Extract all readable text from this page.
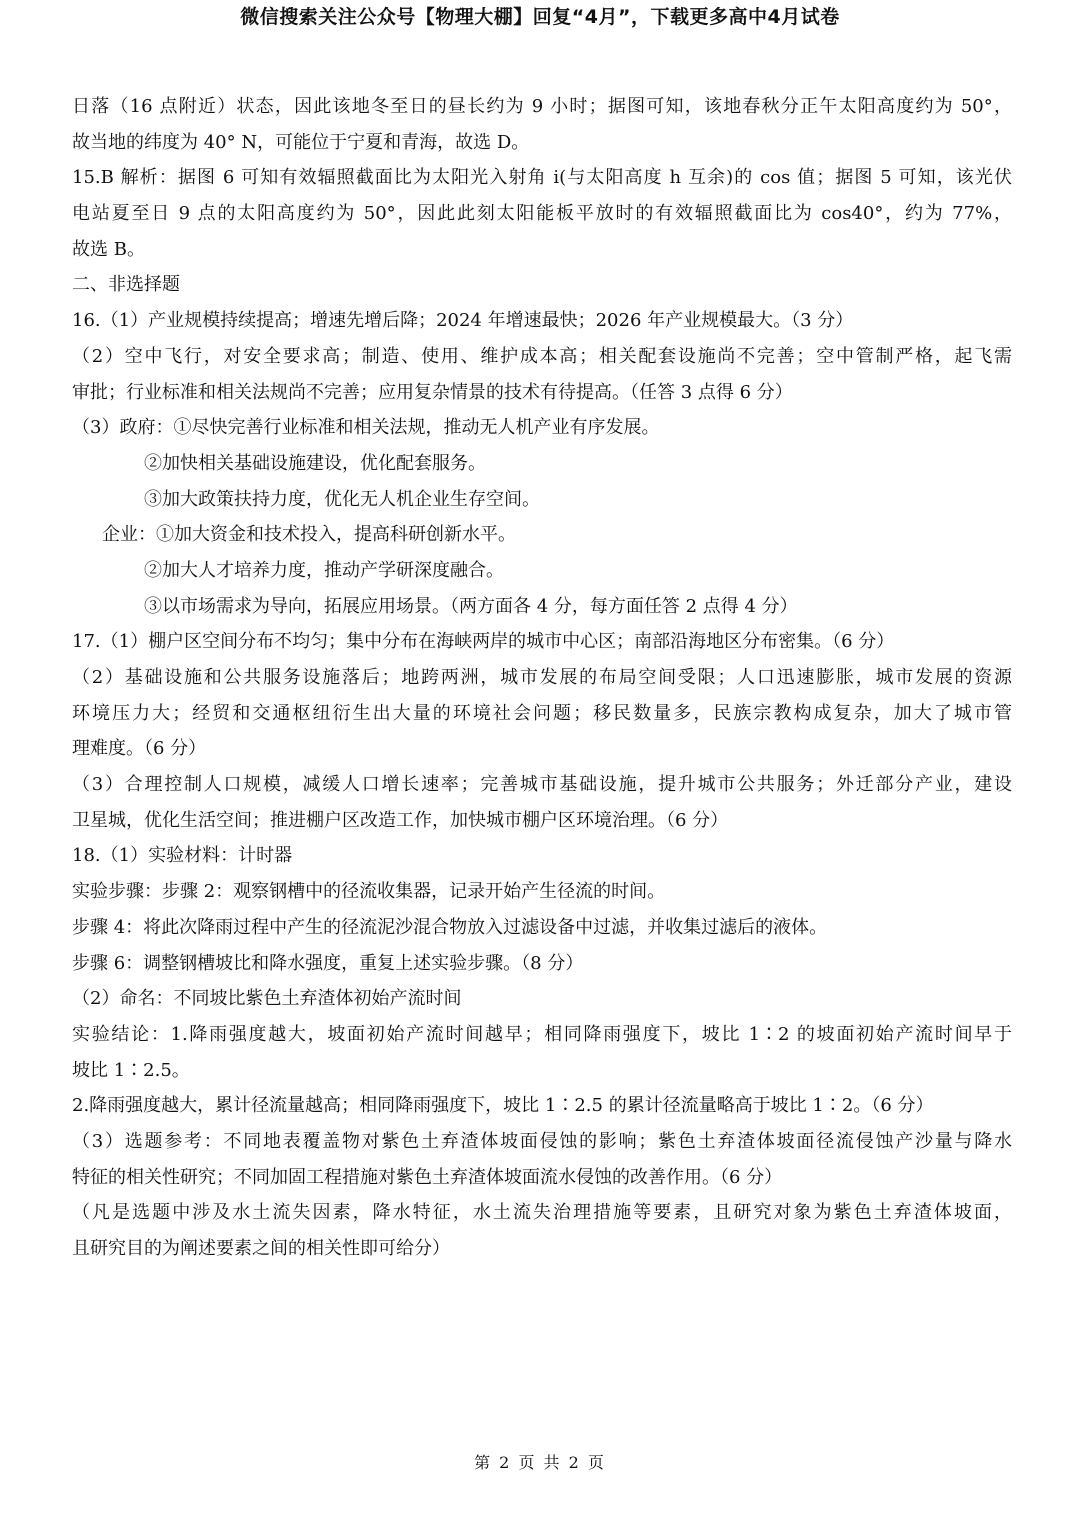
微信搜索关注公众号【物理大棚】回复“4月”，下载更多高中4月试卷
日落（16 点附近）状态，因此该地冬至日的昼长约为 9 小时；据图可知，该地春秋分正午太阳高度约为 50°，
故当地的纬度为 40° N，可能位于宁夏和青海，故选 D。
15.B 解析：据图 6 可知有效辐照截面比为太阳光入射角 i(与太阳高度 h 互余)的 cos 值；据图 5 可知，该光伏
电站夏至日 9 点的太阳高度约为 50°，因此此刻太阳能板平放时的有效辐照截面比为 cos40°，约为 77%，
故选 B。
二、非选择题
16.（1）产业规模持续提高；增速先增后降；2024 年增速最快；2026 年产业规模最大。（3 分）
（2）空中飞行，对安全要求高；制造、使用、维护成本高；相关配套设施尚不完善；空中管制严格，起飞需
审批；行业标准和相关法规尚不完善；应用复杂情景的技术有待提高。（任答 3 点得 6 分）
（3）政府：①尽快完善行业标准和相关法规，推动无人机产业有序发展。
②加快相关基础设施建设，优化配套服务。
③加大政策扶持力度，优化无人机企业生存空间。
企业：①加大资金和技术投入，提高科研创新水平。
②加大人才培养力度，推动产学研深度融合。
③以市场需求为导向，拓展应用场景。（两方面各 4 分，每方面任答 2 点得 4 分）
17.（1）棚户区空间分布不均匀；集中分布在海峡两岸的城市中心区；南部沿海地区分布密集。（6 分）
（2）基础设施和公共服务设施落后；地跨两洲，城市发展的布局空间受限；人口迅速膨胀，城市发展的资源
环境压力大；经贸和交通枢纽衍生出大量的环境社会问题；移民数量多，民族宗教构成复杂，加大了城市管
理难度。（6 分）
（3）合理控制人口规模，减缓人口增长速率；完善城市基础设施，提升城市公共服务；外迁部分产业，建设
卫星城，优化生活空间；推进棚户区改造工作，加快城市棚户区环境治理。（6 分）
18.（1）实验材料：计时器
实验步骤：步骤 2：观察钢槽中的径流收集器，记录开始产生径流的时间。
步骤 4：将此次降雨过程中产生的径流泥沙混合物放入过滤设备中过滤，并收集过滤后的液体。
步骤 6：调整钢槽坡比和降水强度，重复上述实验步骤。（8 分）
（2）命名：不同坡比紫色土弃渣体初始产流时间
实验结论：1.降雨强度越大，坡面初始产流时间越早；相同降雨强度下，坡比 1∶2 的坡面初始产流时间早于
坡比 1∶2.5。
2.降雨强度越大，累计径流量越高；相同降雨强度下，坡比 1∶2.5 的累计径流量略高于坡比 1∶2。（6 分）
（3）选题参考：不同地表覆盖物对紫色土弃渣体坡面侵蚀的影响；紫色土弃渣体坡面径流侵蚀产沙量与降水
特征的相关性研究；不同加固工程措施对紫色土弃渣体坡面流水侵蚀的改善作用。（6 分）
（凡是选题中涉及水土流失因素，降水特征，水土流失治理措施等要素，且研究对象为紫色土弃渣体坡面，
且研究目的为阐述要素之间的相关性即可给分）
第 2 页 共 2 页
